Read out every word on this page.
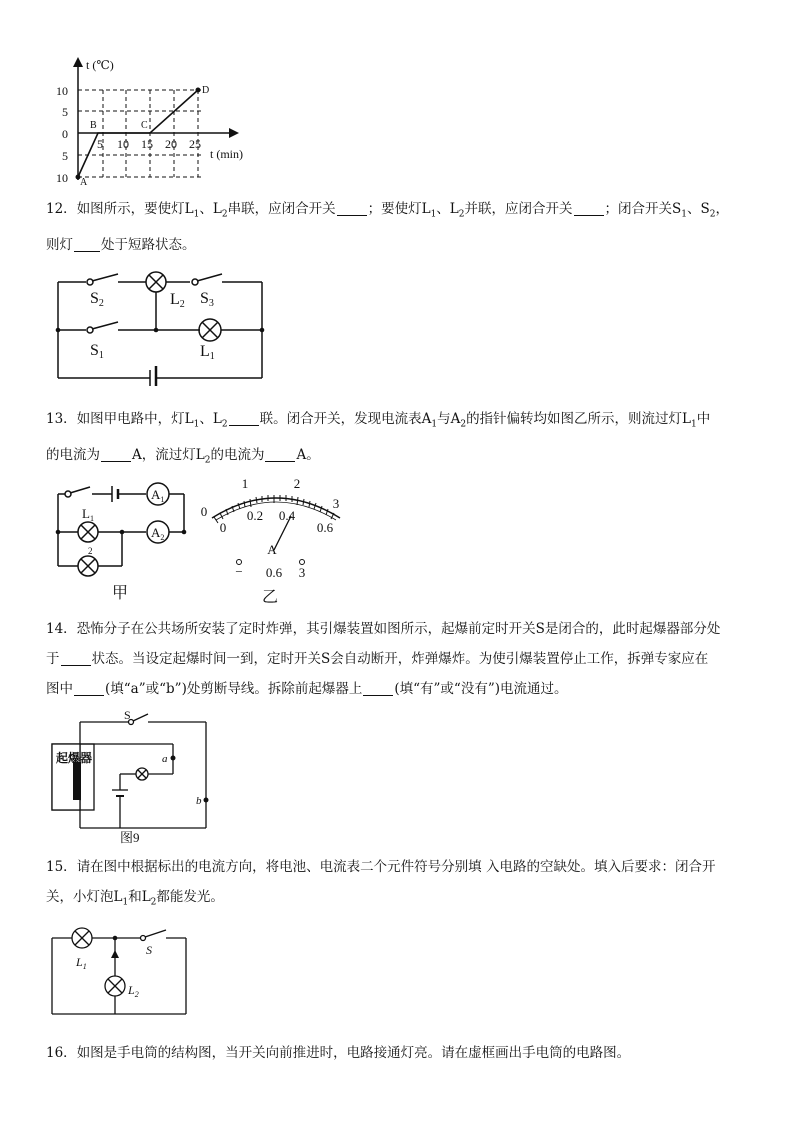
t (℃)
t (min)
10
5
0
5
10
5 10 15 20 25
A
B	C
D
12．如图所示，要使灯$L_1$、$L_2$串联，应闭合开关 ；要使灯$L_1$、$L_2$并联，应闭合开关 ；闭合开关$S_1$、$S_2$，
则灯 处于短路状态。
S2	S3
L2
S1	L1
13．如图甲电路中，灯$L_1$、$L_2$ 联。闭合开关，发现电流表$A_1$与$A_2$的指针偏转均如图乙所示，则流过灯$L_1$中
的电流为 A，流过灯$L_2$的电流为 A。
$A_1$
$A_2$
$L_1$
2
甲
1	2
3
0
0
0.2 0.4
0.6
A
− 0.6 3
乙
14．恐怖分子在公共场所安装了定时炸弹，其引爆装置如图所示，起爆前定时开关S是闭合的，此时起爆器部分处
于 状态。当设定起爆时间一到，定时开关S会自动断开，炸弹爆炸。为使引爆装置停止工作，拆弹专家应在
图中 (填“a”或“b”)处剪断导线。拆除前起爆器上 (填“有”或“没有”)电流通过。
起爆器
S
a
b
图9
15．请在图中根据标出的电流方向，将电池、电流表二个元件符号分别填 入电路的空缺处。填入后要求：闭合开
关，小灯泡$L_1$和$L_2$都能发光。
$L_1$
$L_2$
S
16．如图是手电筒的结构图，当开关向前推进时，电路接通灯亮。请在虚框画出手电筒的电路图。
